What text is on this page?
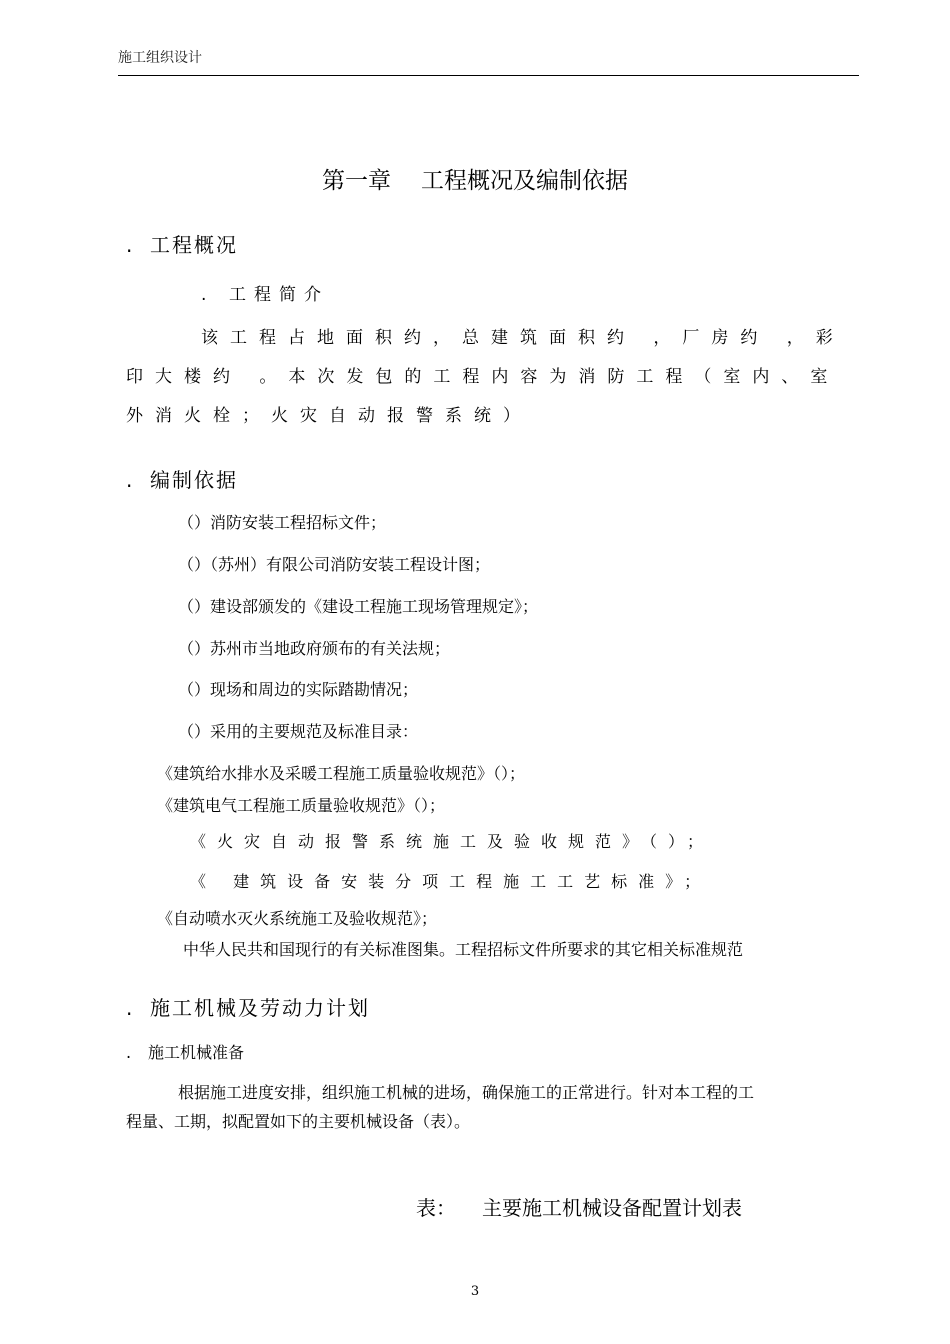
施工组织设计
第一章 工程概况及编制依据
. 工程概况
. 工程简介
该工程占地面积约，总建筑面积约 ，厂房约 ，彩
印大楼约 。本次发包的工程内容为消防工程（室内、室
外消火栓；火灾自动报警系统）
. 编制依据
（）消防安装工程招标文件；
（）（苏州）有限公司消防安装工程设计图；
（）建设部颁发的《建设工程施工现场管理规定》；
（）苏州市当地政府颁布的有关法规；
（）现场和周边的实际踏勘情况；
（）采用的主要规范及标准目录：
《建筑给水排水及采暖工程施工质量验收规范》（）；
《建筑电气工程施工质量验收规范》（）；
《火灾自动报警系统施工及验收规范》（）；
《 建筑设备安装分项工程施工工艺标准》；
《自动喷水灭火系统施工及验收规范》；
中华人民共和国现行的有关标准图集。工程招标文件所要求的其它相关标准规范
. 施工机械及劳动力计划
. 施工机械准备
根据施工进度安排，组织施工机械的进场，确保施工的正常进行。针对本工程的工
程量、工期，拟配置如下的主要机械设备（表）。
表： 主要施工机械设备配置计划表
3
